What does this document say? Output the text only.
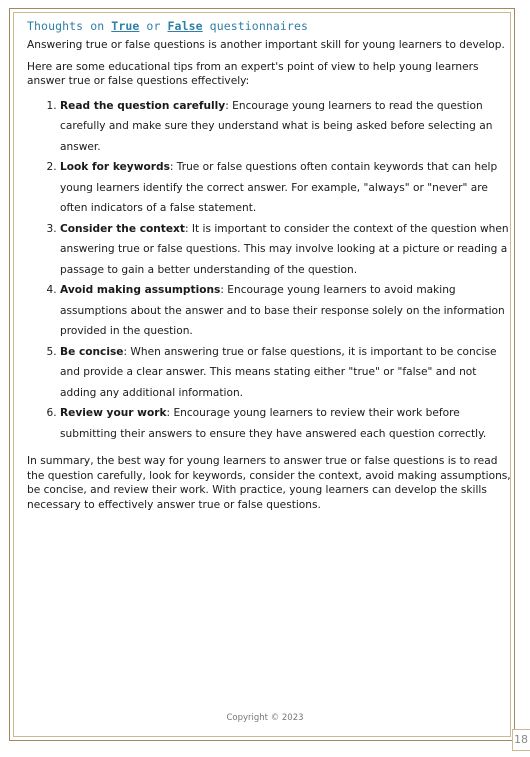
Thoughts on True or False questionnaires

Answering true or false questions is another important skill for young learners to develop.

Here are some educational tips from an expert's point of view to help young learners answer true or false questions effectively:

1. Read the question carefully: Encourage young learners to read the question carefully and make sure they understand what is being asked before selecting an answer.
2. Look for keywords: True or false questions often contain keywords that can help young learners identify the correct answer. For example, "always" or "never" are often indicators of a false statement.
3. Consider the context: It is important to consider the context of the question when answering true or false questions. This may involve looking at a picture or reading a passage to gain a better understanding of the question.
4. Avoid making assumptions: Encourage young learners to avoid making assumptions about the answer and to base their response solely on the information provided in the question.
5. Be concise: When answering true or false questions, it is important to be concise and provide a clear answer. This means stating either "true" or "false" and not adding any additional information.
6. Review your work: Encourage young learners to review their work before submitting their answers to ensure they have answered each question correctly.

In summary, the best way for young learners to answer true or false questions is to read the question carefully, look for keywords, consider the context, avoid making assumptions, be concise, and review their work. With practice, young learners can develop the skills necessary to effectively answer true or false questions.

Copyright © 2023
18
